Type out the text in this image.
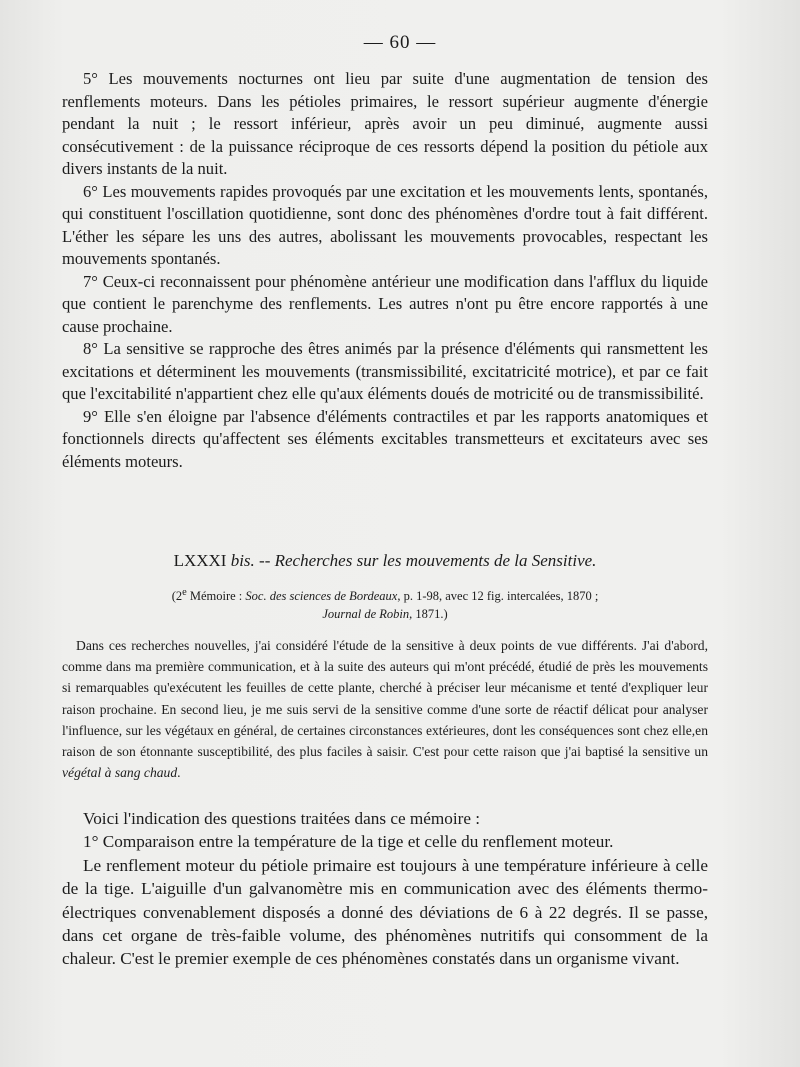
— 60 —

5° Les mouvements nocturnes ont lieu par suite d'une augmentation de tension des renflements moteurs. Dans les pétioles primaires, le ressort supérieur augmente d'énergie pendant la nuit ; le ressort inférieur, après avoir un peu diminué, augmente aussi consécutivement : de la puissance réciproque de ces ressorts dépend la position du pétiole aux divers instants de la nuit.

6° Les mouvements rapides provoqués par une excitation et les mouvements lents, spontanés, qui constituent l'oscillation quotidienne, sont donc des phénomènes d'ordre tout à fait différent. L'éther les sépare les uns des autres, abolissant les mouvements provocables, respectant les mouvements spontanés.

7° Ceux-ci reconnaissent pour phénomène antérieur une modification dans l'afflux du liquide que contient le parenchyme des renflements. Les autres n'ont pu être encore rapportés à une cause prochaine.

8° La sensitive se rapproche des êtres animés par la présence d'éléments qui ransmettent les excitations et déterminent les mouvements (transmissibilité, excitatricité motrice), et par ce fait que l'excitabilité n'appartient chez elle qu'aux éléments doués de motricité ou de transmissibilité.

9° Elle s'en éloigne par l'absence d'éléments contractiles et par les rapports anatomiques et fonctionnels directs qu'affectent ses éléments excitables transmetteurs et excitateurs avec ses éléments moteurs.

LXXXI bis. -- Recherches sur les mouvements de la Sensitive.
(2e Mémoire : Soc. des sciences de Bordeaux, p. 1-98, avec 12 fig. intercalées, 1870 ;
Journal de Robin, 1871.)

Dans ces recherches nouvelles, j'ai considéré l'étude de la sensitive à deux points de vue différents. J'ai d'abord, comme dans ma première communication, et à la suite des auteurs qui m'ont précédé, étudié de près les mouvements si remarquables qu'exécutent les feuilles de cette plante, cherché à préciser leur mécanisme et tenté d'expliquer leur raison prochaine. En second lieu, je me suis servi de la sensitive comme d'une sorte de réactif délicat pour analyser l'influence, sur les végétaux en général, de certaines circonstances extérieures, dont les conséquences sont chez elle,en raison de son étonnante susceptibilité, des plus faciles à saisir. C'est pour cette raison que j'ai baptisé la sensitive un végétal à sang chaud.

Voici l'indication des questions traitées dans ce mémoire :

1° Comparaison entre la température de la tige et celle du renflement moteur.

Le renflement moteur du pétiole primaire est toujours à une température inférieure à celle de la tige. L'aiguille d'un galvanomètre mis en communication avec des éléments thermo-électriques convenablement disposés a donné des déviations de 6 à 22 degrés. Il se passe, dans cet organe de très-faible volume, des phénomènes nutritifs qui consomment de la chaleur. C'est le premier exemple de ces phénomènes constatés dans un organisme vivant.
